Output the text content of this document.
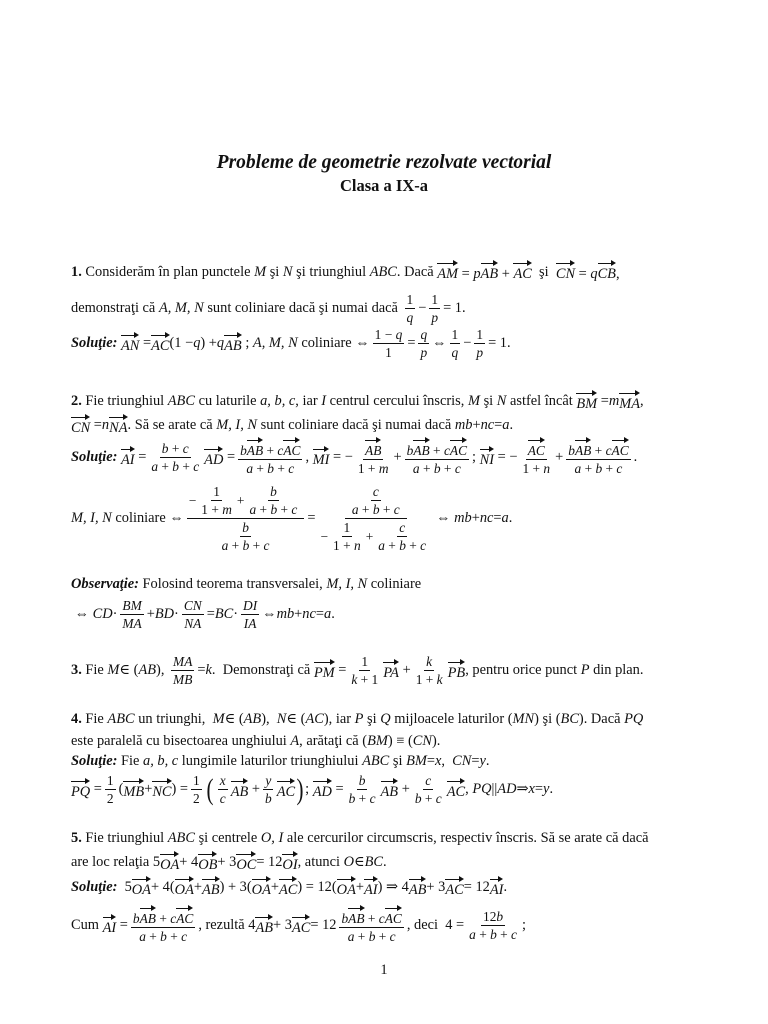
Probleme de geometrie rezolvate vectorial
Clasa a IX-a
1.
Considerăm în plan punctele
M
şi
N
şi triunghiul
ABC . Dacă
AM = pAB + AC
şi
CN = qCB,
demonstraţi că
A, M, N
sunt coliniare dacă şi numai dacă

1
q
−
1
p
= 1.
Soluţie:
AN = AC (1 − q ) + q AB ; A, M, N
coliniare ⇔
1 − q
1
=
q
p
⇔
1
q
−
1
p
= 1.
2.
Fie triunghiul
ABC
cu laturile
a, b, c , iar
I
centrul cercului înscris,
M
şi
N
astfel încât
BM = m MA ,
CN = n NA . Să se arate că
M, I, N
sunt coliniare dacă şi numai dacă
mb + nc = a .
Soluţie:
AI =
b + c
a + b + c AD = bAB + cAC
a + b + c
, MI = − AB
1 + m
+ bAB + cAC
a + b + c
; NI = − AC
1 + n
+ bAB + cAC
a + b + c
.
M, I, N
coliniare ⇔
−
1
1 + m
+
b
a + b + c
b
a + b + c
=
c
a + b + c
−
1
1 + n
+
c
a + b + c
⇔ mb + nc = a .
Observaţie:
Folosind teorema transversalei,
M, I, N
coliniare
⇔ CD ·
BM
MA
+ BD ·
CN
NA
= BC ·
DI
IA
⇔ mb + nc = a .
3.
Fie
M ∈ ( AB ),
MA
MB
= k . Demonstraţi că
PM =
1
k + 1 PA +
k
1 + k PB , pentru orice punct
P
din plan.
4.
Fie
ABC
un triunghi,
M ∈ ( AB ), N ∈ ( AC ) , iar
P
şi
Q
mijloacele laturilor ( MN ) şi ( BC ) . Dacă
PQ
este paralelă cu bisectoarea unghiului
A , arătaţi că ( BM ) ≡ ( CN ).
Soluţie:
Fie
a, b, c
lungimile laturilor triunghiului
ABC
şi
BM = x , CN = y .
PQ =
1
2
( MB + NC ) =
1
2 ( x
c AB +
y
b AC ) ; AD =
b
b + c AB +
c
b + c AC , PQ || AD ⇒ x = y .
5.
Fie triunghiul
ABC
şi centrele
O, I
ale cercurilor circumscris, respectiv înscris. Să se arate că dacă
are loc relaţia 5 OA + 4 OB + 3 OC = 12 OI , atunci
O ∈ BC .
Soluţie: 5 OA + 4( OA + AB ) + 3( OA + AC ) = 12( OA + AI ) ⇒ 4 AB + 3 AC = 12 AI .
Cum
AI = bAB + cAC
a + b + c
, rezultă 4 AB + 3 AC = 12 bAB + cAC
a + b + c
, deci 4 =
12b
a + b + c
;
1
